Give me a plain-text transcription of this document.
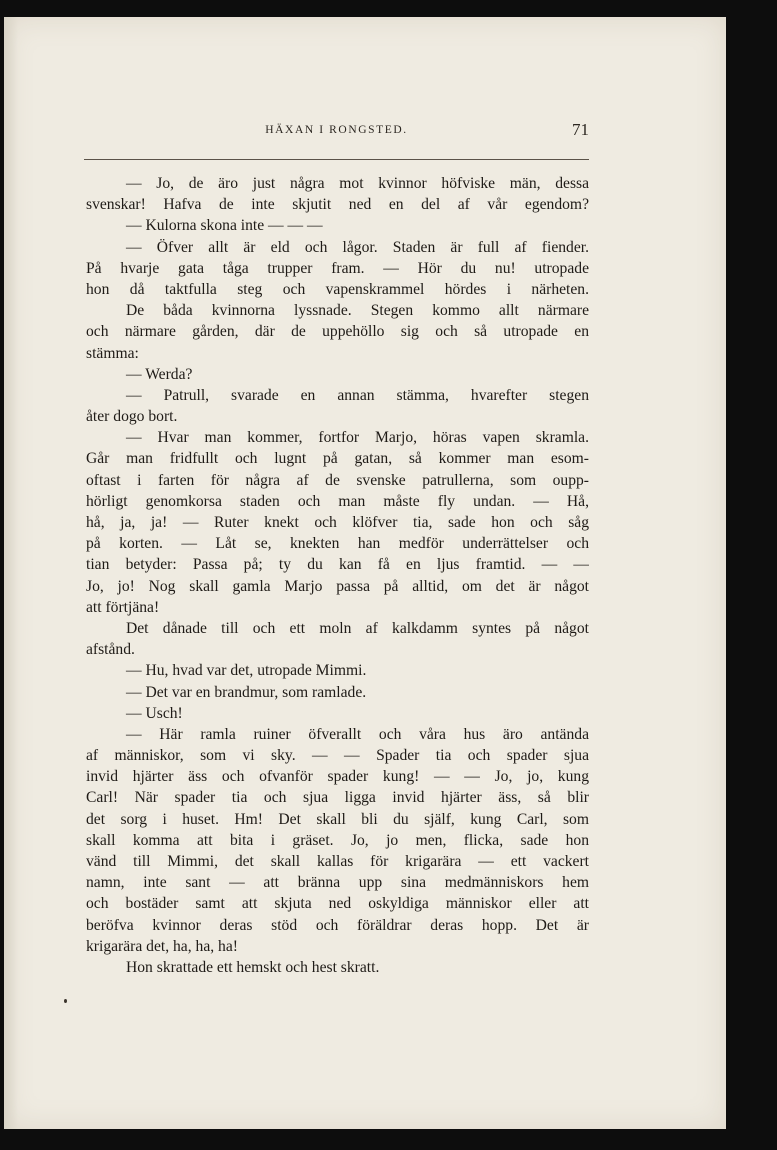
HÄXAN I RONGSTED.	71
— Jo, de äro just några mot kvinnor höfviske män, dessa
svenskar! Hafva de inte skjutit ned en del af vår egendom?
— Kulorna skona inte — — —
— Öfver allt är eld och lågor. Staden är full af fiender.
På hvarje gata tåga trupper fram. — Hör du nu! utropade
hon då taktfulla steg och vapenskrammel hördes i närheten.
De båda kvinnorna lyssnade. Stegen kommo allt närmare
och närmare gården, där de uppehöllo sig och så utropade en
stämma:
— Werda?
— Patrull, svarade en annan stämma, hvarefter stegen
åter dogo bort.
— Hvar man kommer, fortfor Marjo, höras vapen skramla.
Går man fridfullt och lugnt på gatan, så kommer man esom-
oftast i farten för några af de svenske patrullerna, som oupp-
hörligt genomkorsa staden och man måste fly undan. — Hå,
hå, ja, ja! — Ruter knekt och klöfver tia, sade hon och såg
på korten. — Låt se, knekten han medför underrättelser och
tian betyder: Passa på; ty du kan få en ljus framtid. — —
Jo, jo! Nog skall gamla Marjo passa på alltid, om det är något
att förtjäna!
Det dånade till och ett moln af kalkdamm syntes på något
afstånd.
— Hu, hvad var det, utropade Mimmi.
— Det var en brandmur, som ramlade.
— Usch!
— Här ramla ruiner öfverallt och våra hus äro antända
af människor, som vi sky. — — Spader tia och spader sjua
invid hjärter äss och ofvanför spader kung! — — Jo, jo, kung
Carl! När spader tia och sjua ligga invid hjärter äss, så blir
det sorg i huset. Hm! Det skall bli du själf, kung Carl, som
skall komma att bita i gräset. Jo, jo men, flicka, sade hon
vänd till Mimmi, det skall kallas för krigarära — ett vackert
namn, inte sant — att bränna upp sina medmänniskors hem
och bostäder samt att skjuta ned oskyldiga människor eller att
beröfva kvinnor deras stöd och föräldrar deras hopp. Det är
krigarära det, ha, ha, ha!
Hon skrattade ett hemskt och hest skratt.
